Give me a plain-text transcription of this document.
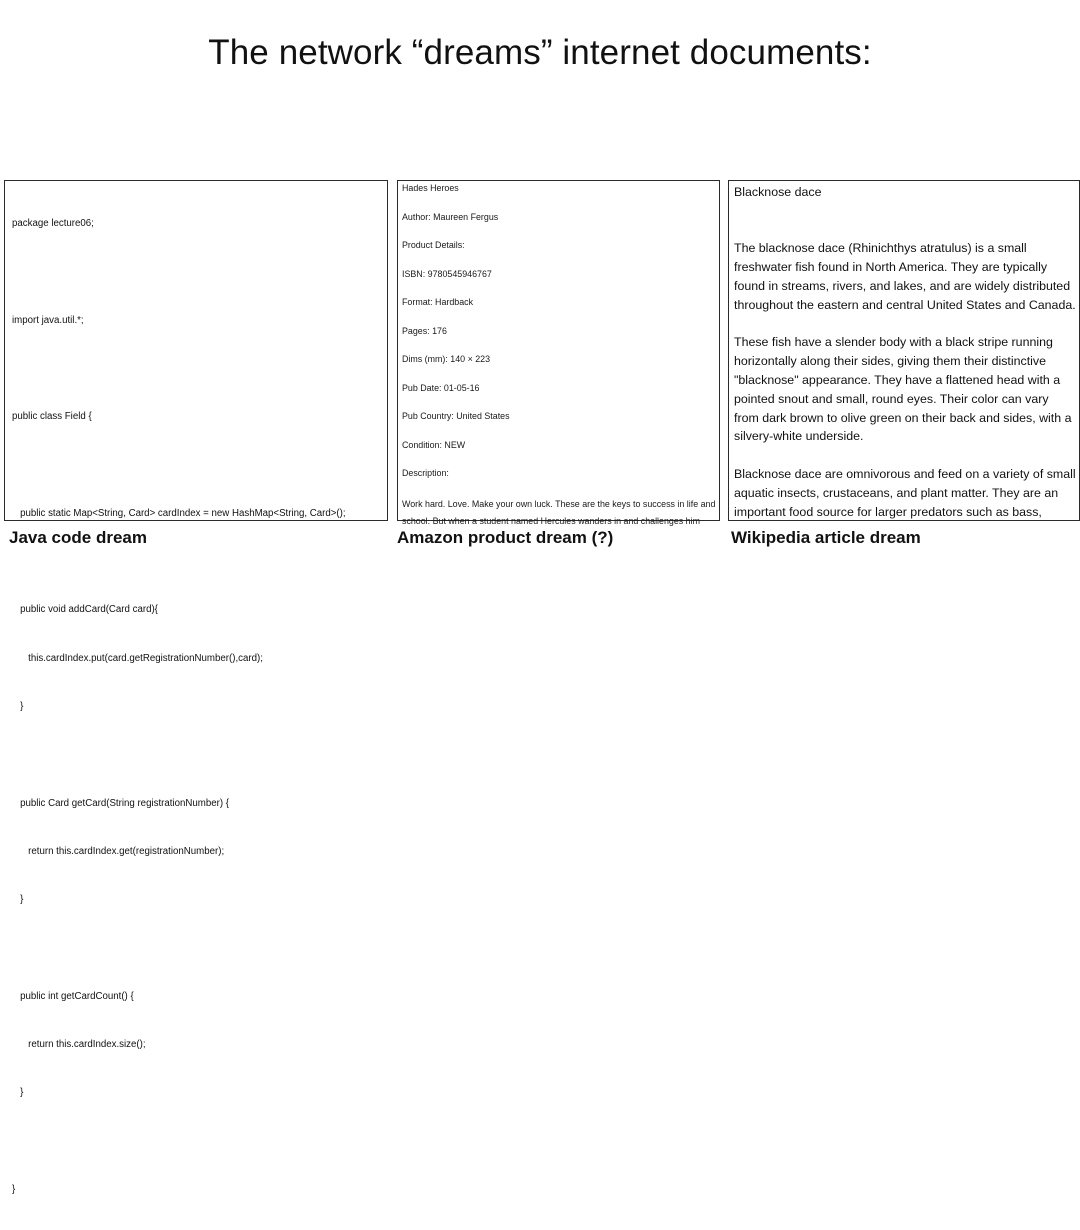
The network “dreams” internet documents:

package lecture06;

import java.util.*;

public class Field {

public static Map<String, Card> cardIndex = new HashMap<String, Card>();

public void addCard(Card card){

this.cardIndex.put(card.getRegistrationNumber(),card);

}

public Card getCard(String registrationNumber) {

return this.cardIndex.get(registrationNumber);

}

public int getCardCount() {

return this.cardIndex.size();

}

}

Java code dream
Hades Heroes
Author: Maureen Fergus
Product Details:
ISBN: 9780545946767
Format: Hardback
Pages: 176
Dims (mm): 140 × 223
Pub Date: 01-05-16
Pub Country: United States
Condition: NEW
Description:
Work hard. Love. Make your own luck. These are the keys to success in life and
school. But when a student named Hercules wanders in and challenges him
Amazon product dream (?)
Blacknose dace
The blacknose dace (Rhinichthys atratulus) is a small
freshwater fish found in North America. They are typically
found in streams, rivers, and lakes, and are widely distributed
throughout the eastern and central United States and Canada.
These fish have a slender body with a black stripe running
horizontally along their sides, giving them their distinctive
"blacknose" appearance. They have a flattened head with a
pointed snout and small, round eyes. Their color can vary
from dark brown to olive green on their back and sides, with a
silvery-white underside.
Blacknose dace are omnivorous and feed on a variety of small
aquatic insects, crustaceans, and plant matter. They are an
important food source for larger predators such as bass,
Wikipedia article dream
